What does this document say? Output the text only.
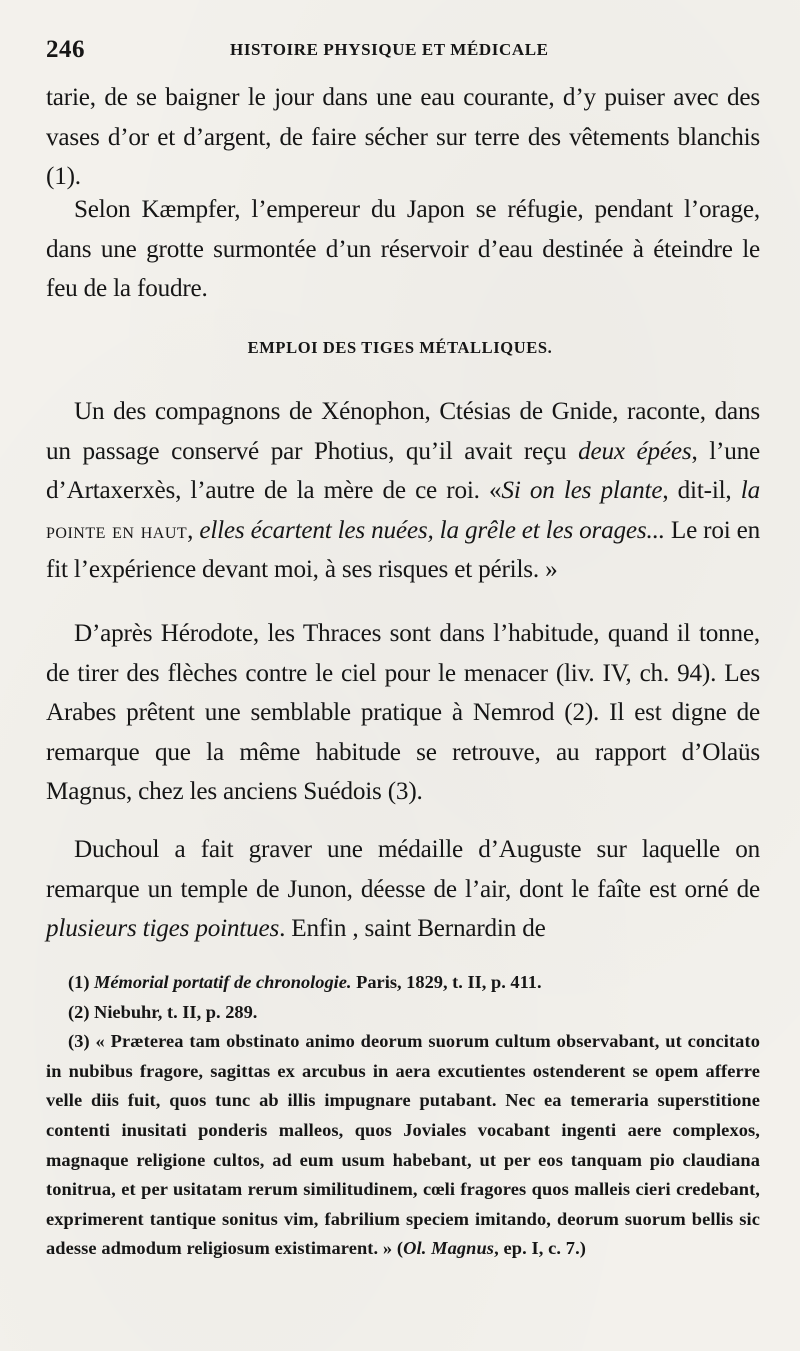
246	HISTOIRE PHYSIQUE ET MÉDICALE

tarie, de se baigner le jour dans une eau courante, d’y puiser avec des vases d’or et d’argent, de faire sécher sur terre des vêtements blanchis (1).

Selon Kæmpfer, l’empereur du Japon se réfugie, pendant l’orage, dans une grotte surmontée d’un réservoir d’eau destinée à éteindre le feu de la foudre.

EMPLOI DES TIGES MÉTALLIQUES.

Un des compagnons de Xénophon, Ctésias de Gnide, raconte, dans un passage conservé par Photius, qu’il avait reçu deux épées, l’une d’Artaxerxès, l’autre de la mère de ce roi. «Si on les plante, dit-il, la pointe en haut, elles écartent les nuées, la grêle et les orages... Le roi en fit l’expérience devant moi, à ses risques et périls. »

D’après Hérodote, les Thraces sont dans l’habitude, quand il tonne, de tirer des flèches contre le ciel pour le menacer (liv. IV, ch. 94). Les Arabes prêtent une semblable pratique à Nemrod (2). Il est digne de remarque que la même habitude se retrouve, au rapport d’Olaüs Magnus, chez les anciens Suédois (3).

Duchoul a fait graver une médaille d’Auguste sur laquelle on remarque un temple de Junon, déesse de l’air, dont le faîte est orné de plusieurs tiges pointues. Enfin , saint Bernardin de

(1) Mémorial portatif de chronologie. Paris, 1829, t. II, p. 411.

(2) Niebuhr, t. II, p. 289.

(3) « Præterea tam obstinato animo deorum suorum cultum observabant, ut concitato in nubibus fragore, sagittas ex arcubus in aera excutientes ostenderent se opem afferre velle diis fuit, quos tunc ab illis impugnare putabant. Nec ea temeraria superstitione contenti inusitati ponderis malleos, quos Joviales vocabant ingenti aere complexos, magnaque religione cultos, ad eum usum habebant, ut per eos tanquam pio claudiana tonitrua, et per usitatam rerum similitudinem, cœli fragores quos malleis cieri credebant, exprimerent tantique sonitus vim, fabrilium speciem imitando, deorum suorum bellis sic adesse admodum religiosum existimarent. » (Ol. Magnus, ep. I, c. 7.)
